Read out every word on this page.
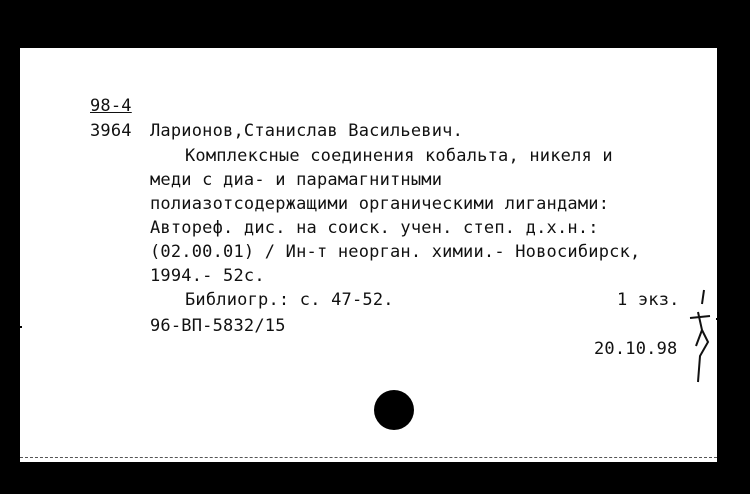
98-4
3964 Ларионов,Станислав Васильевич.
Комплексные соединения кобальта, никеля и
меди с диа- и парамагнитными
полиазотсодержащими органическими лигандами:
Автореф. дис. на соиск. учен. степ. д.х.н.:
(02.00.01) / Ин-т неорган. химии.- Новосибирск,
1994.- 52с.
Библиогр.: с. 47-52.	1 экз.
96-ВП-5832/15
20.10.98
